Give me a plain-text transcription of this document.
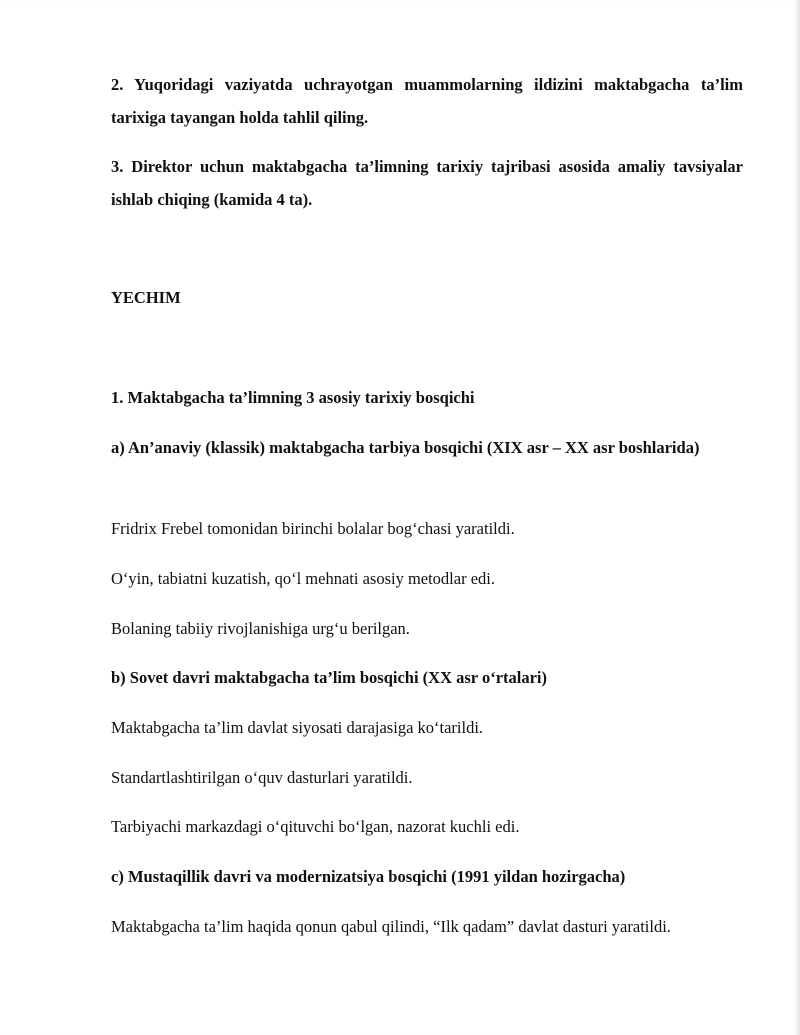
2. Yuqoridagi vaziyatda uchrayotgan muammolarning ildizini maktabgacha ta’lim tarixiga tayangan holda tahlil qiling.

3. Direktor uchun maktabgacha ta’limning tarixiy tajribasi asosida amaliy tavsiyalar ishlab chiqing (kamida 4 ta).

YECHIM

1. Maktabgacha ta’limning 3 asosiy tarixiy bosqichi

a) An’anaviy (klassik) maktabgacha tarbiya bosqichi (XIX asr – XX asr boshlarida)

Fridrix Frebel tomonidan birinchi bolalar bog‘chasi yaratildi.

O‘yin, tabiatni kuzatish, qo‘l mehnati asosiy metodlar edi.

Bolaning tabiiy rivojlanishiga urg‘u berilgan.

b) Sovet davri maktabgacha ta’lim bosqichi (XX asr o‘rtalari)

Maktabgacha ta’lim davlat siyosati darajasiga ko‘tarildi.

Standartlashtirilgan o‘quv dasturlari yaratildi.

Tarbiyachi markazdagi o‘qituvchi bo‘lgan, nazorat kuchli edi.

c) Mustaqillik davri va modernizatsiya bosqichi (1991 yildan hozirgacha)

Maktabgacha ta’lim haqida qonun qabul qilindi, “Ilk qadam” davlat dasturi yaratildi.
